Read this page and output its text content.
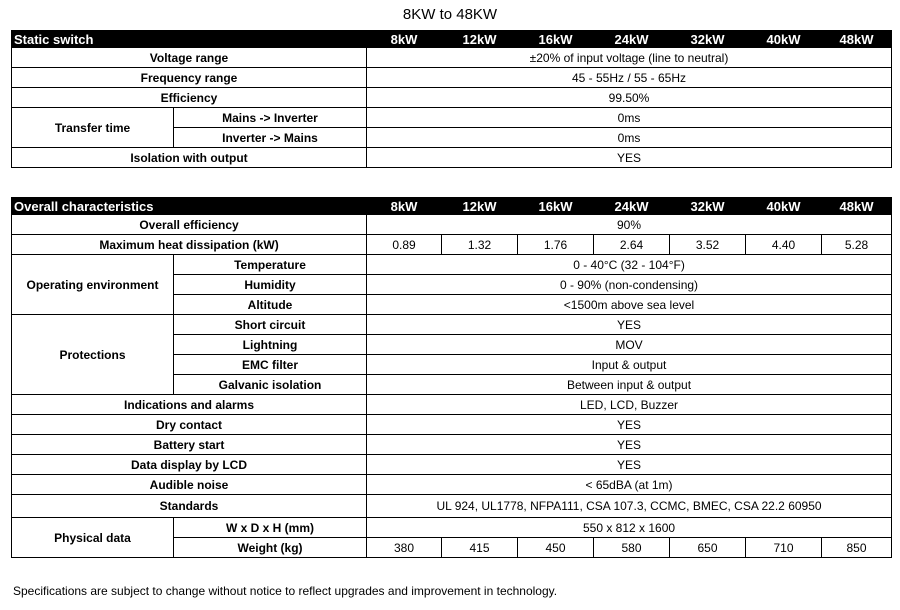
8KW to 48KW
Static switch		8kW	12kW	16kW	24kW	32kW	40kW	48kW
Voltage range		±20% of input voltage (line to neutral)						
Frequency range		45 - 55Hz / 55 - 65Hz						
Efficiency		99.50%						
Transfer time	Mains -> Inverter	0ms						
	Inverter -> Mains	0ms						
Isolation with output		YES						
Overall characteristics		8kW	12kW	16kW	24kW	32kW	40kW	48kW
Overall efficiency		90%						
Maximum heat dissipation (kW)		0.89	1.32	1.76	2.64	3.52	4.40	5.28
Operating environment	Temperature	0 - 40°C (32 - 104°F)						
	Humidity	0 - 90% (non-condensing)						
	Altitude	<1500m above sea level						
Protections	Short circuit	YES						
	Lightning	MOV						
	EMC filter	Input & output						
	Galvanic isolation	Between input & output						
Indications and alarms		LED, LCD, Buzzer						
Dry contact		YES						
Battery start		YES						
Data display by LCD		YES						
Audible noise		< 65dBA (at 1m)						
Standards		UL 924, UL1778, NFPA111, CSA 107.3, CCMC, BMEC, CSA 22.2 60950						
Physical data	W x D x H (mm)	550 x 812 x 1600						
	Weight (kg)	380	415	450	580	650	710	850
Specifications are subject to change without notice to reflect upgrades and improvement in technology.
